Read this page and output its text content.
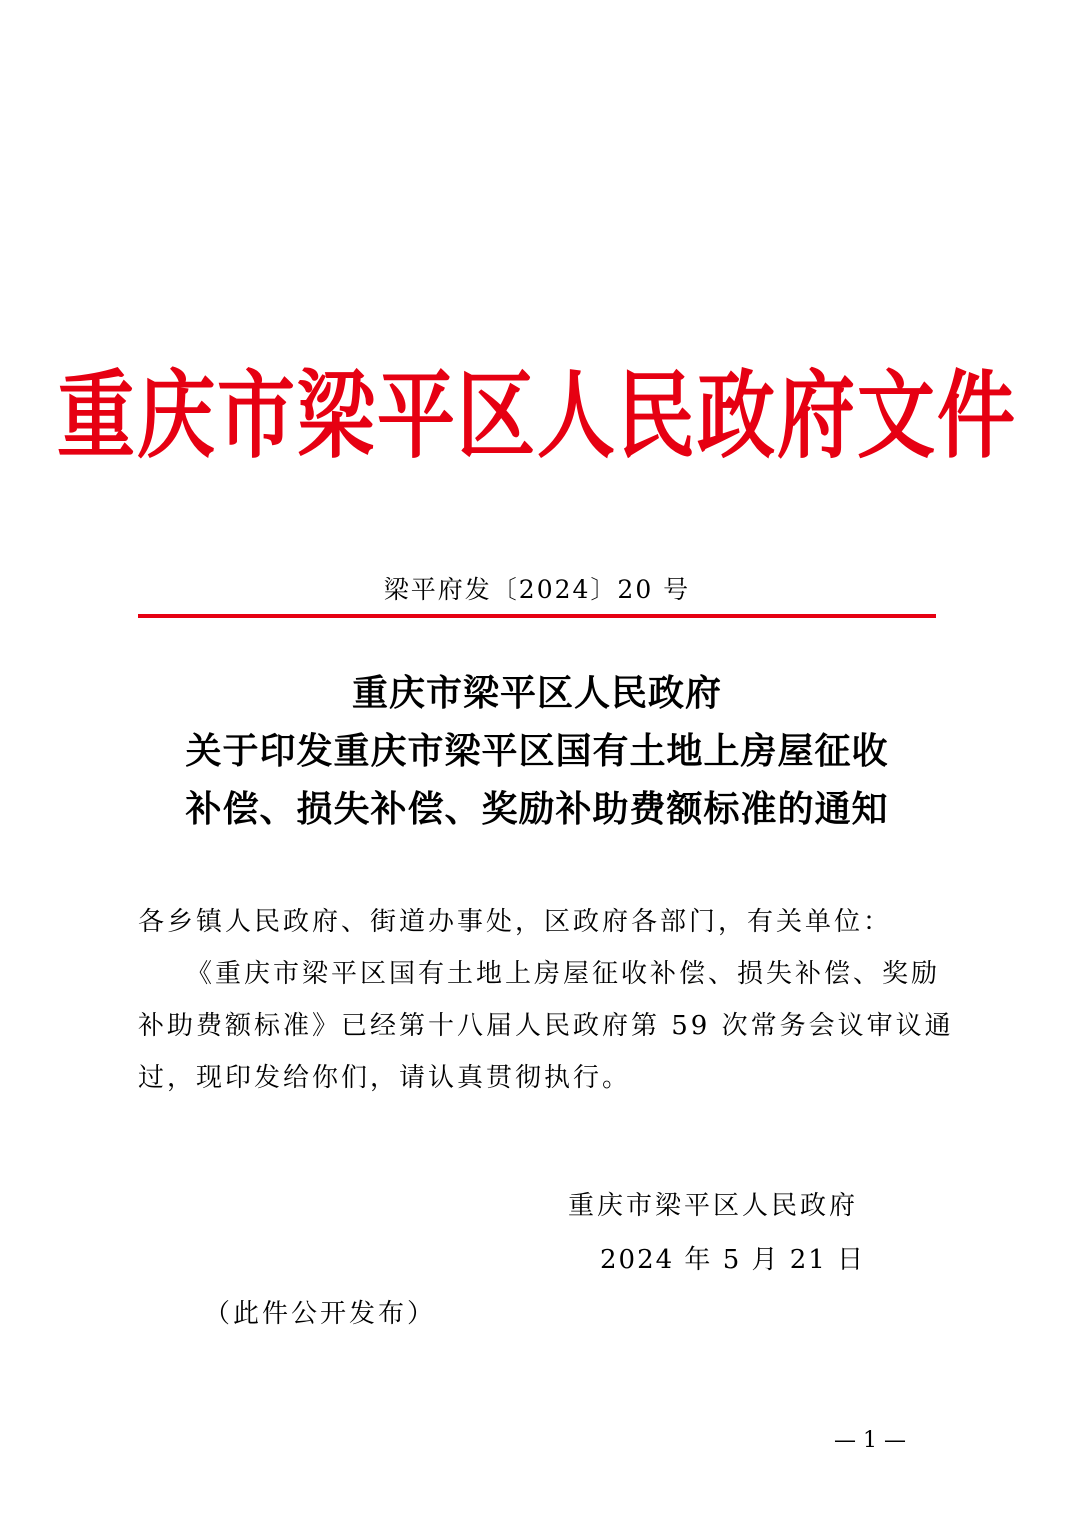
重庆市梁平区人民政府文件
梁平府发〔2024〕20 号
重庆市梁平区人民政府
关于印发重庆市梁平区国有土地上房屋征收
补偿、损失补偿、奖励补助费额标准的通知
各乡镇人民政府、街道办事处，区政府各部门，有关单位：
《重庆市梁平区国有土地上房屋征收补偿、损失补偿、奖励
补助费额标准》已经第十八届人民政府第 59 次常务会议审议通
过，现印发给你们，请认真贯彻执行。
重庆市梁平区人民政府
2024 年 5 月 21 日
（此件公开发布）
— 1 —
